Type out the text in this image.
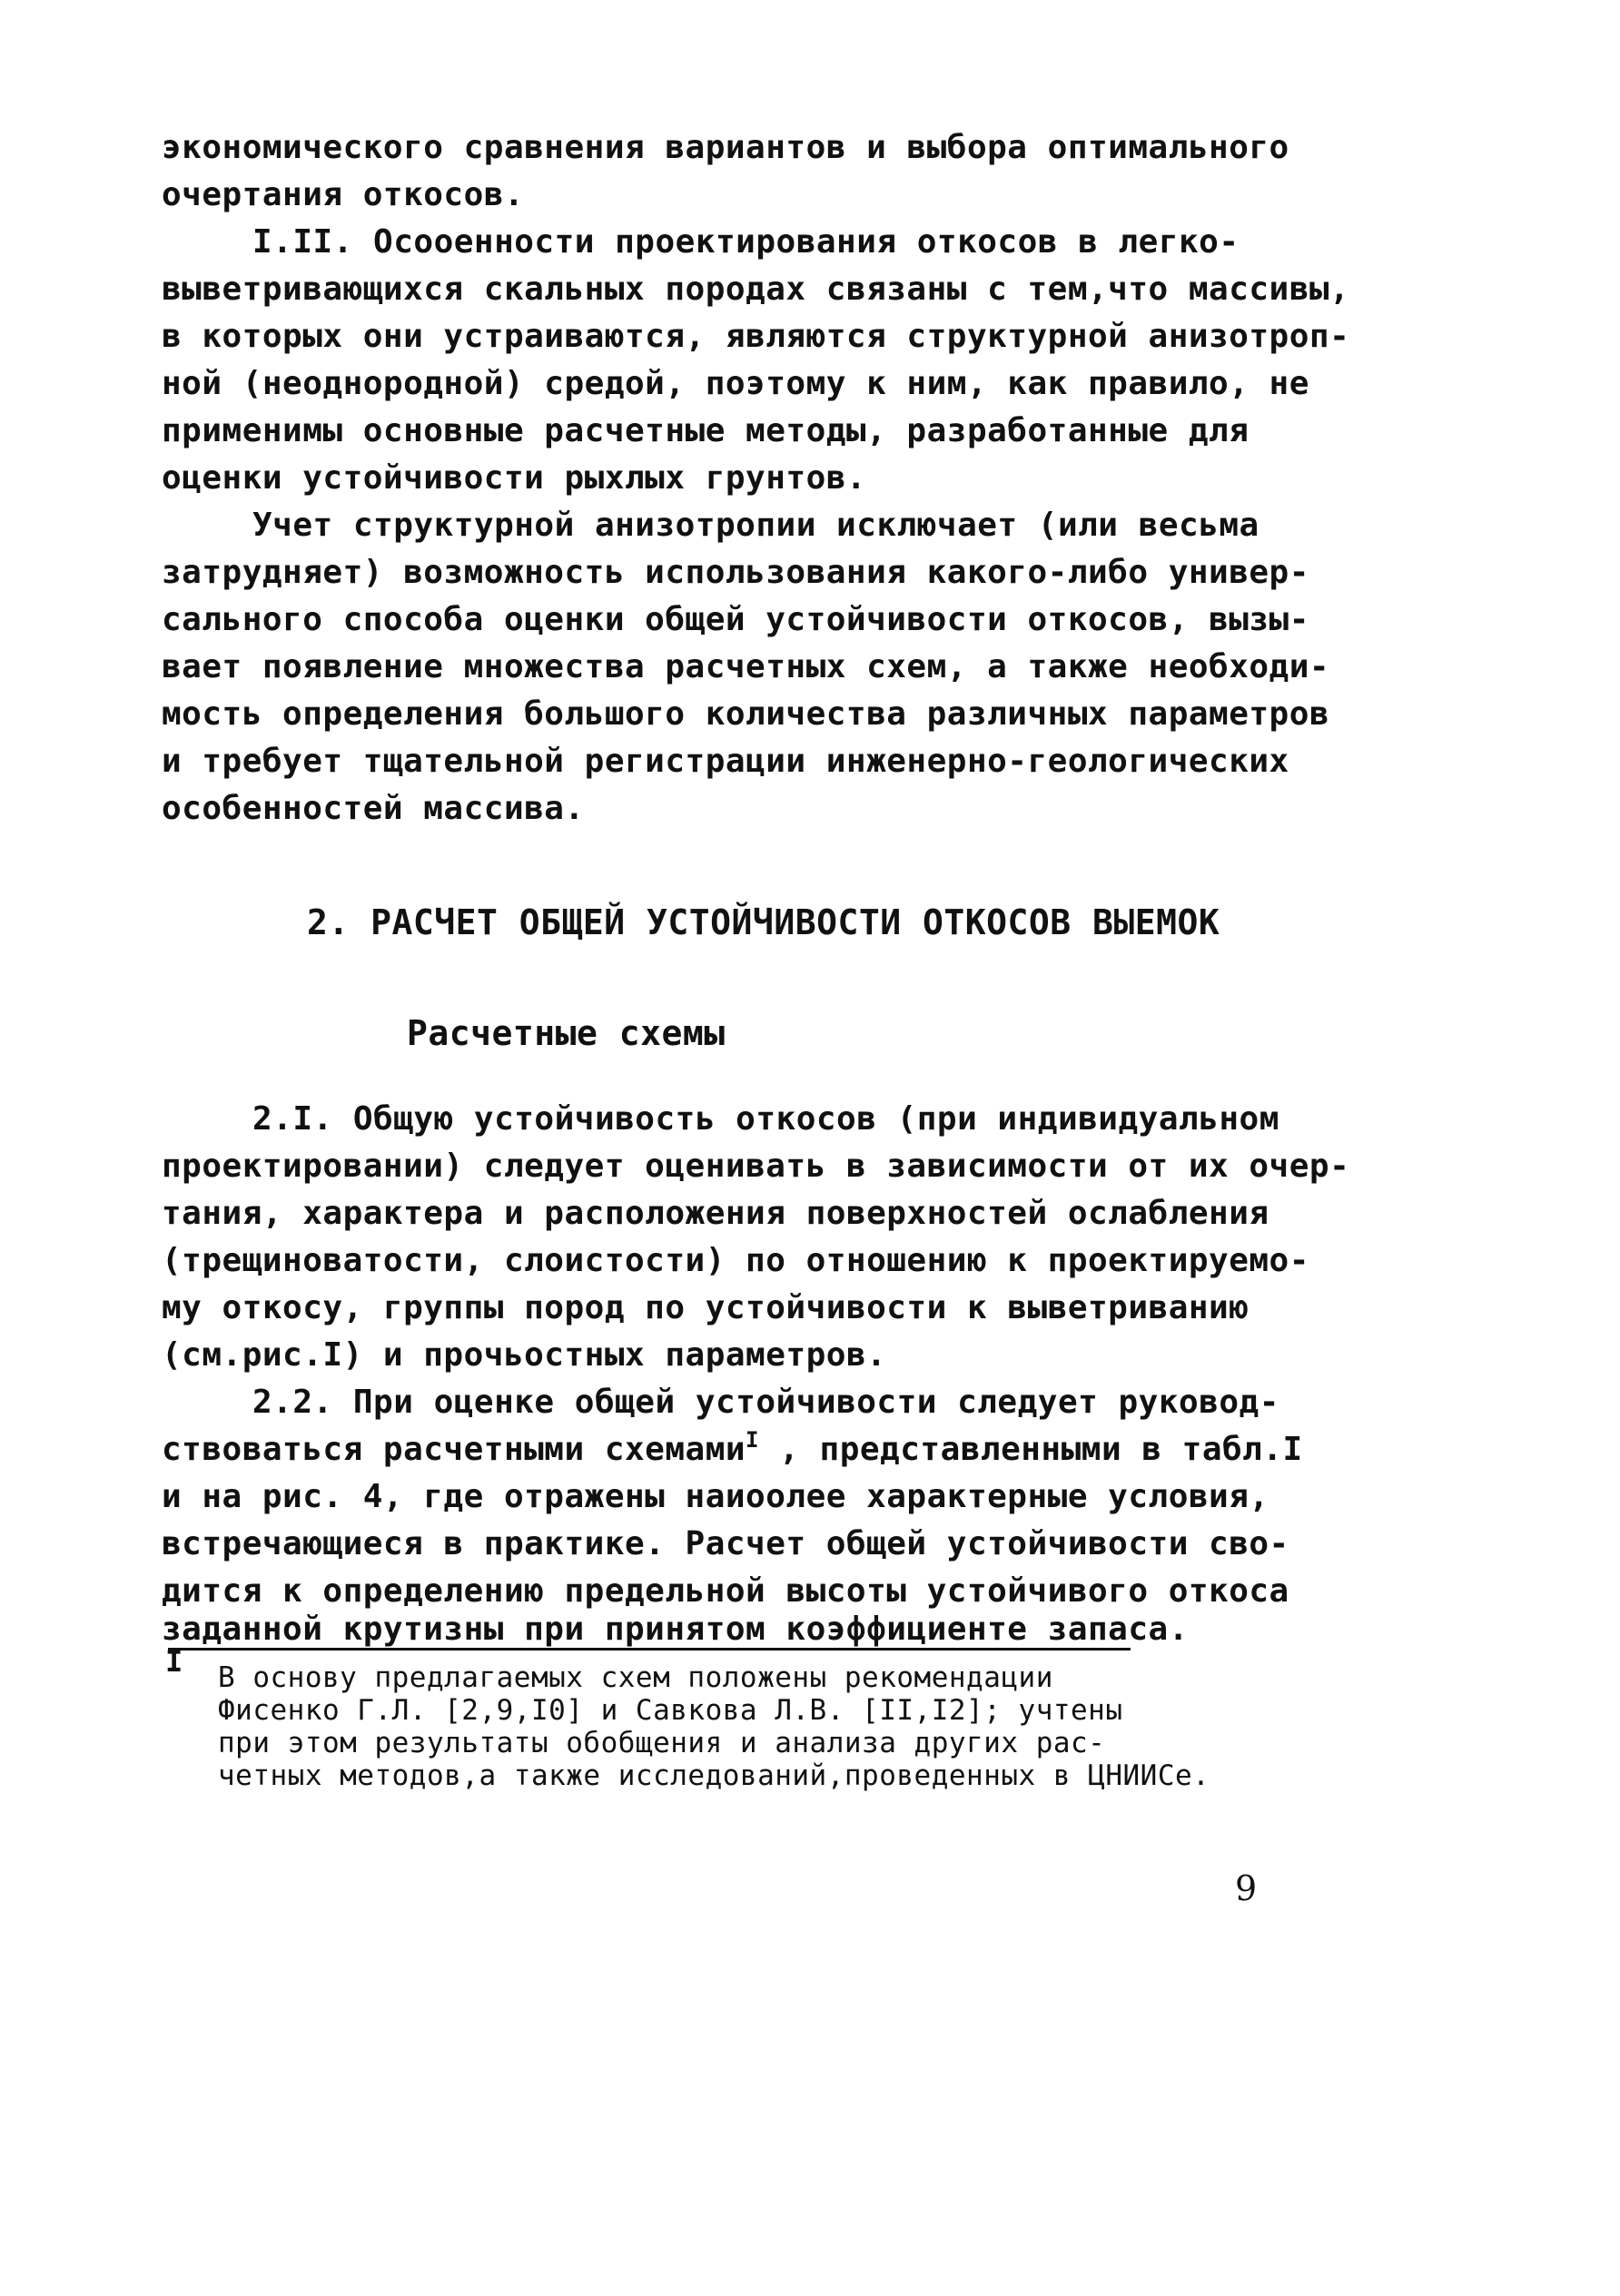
экономического сравнения вариантов и выбора оптимального
очертания откосов.
I.II. Осооенности проектирования откосов в легко-
выветривающихся скальных породах связаны с тем,что массивы,
в которых они устраиваются, являются структурной анизотроп-
ной (неоднородной) средой, поэтому к ним, как правило, не
применимы основные расчетные методы, разработанные для
оценки устойчивости рыхлых грунтов.
Учет структурной анизотропии исключает (или весьма
затрудняет) возможность использования какого-либо универ-
сального способа оценки общей устойчивости откосов, вызы-
вает появление множества расчетных схем, а также необходи-
мость определения большого количества различных параметров
и требует тщательной регистрации инженерно-геологических
особенностей массива.
2. РАСЧЕТ ОБЩЕЙ УСТОЙЧИВОСТИ ОТКОСОВ ВЫЕМОК
Расчетные схемы
2.I. Общую устойчивость откосов (при индивидуальном
проектировании) следует оценивать в зависимости от их очер-
тания, характера и расположения поверхностей ослабления
(трещиноватости, слоистости) по отношению к проектируемо-
му откосу, группы пород по устойчивости к выветриванию
(см.рис.I) и прочьостных параметров.
2.2. При оценке общей устойчивости следует руковод-
ствоваться расчетными схемами$^I$ , представленными в табл.I
и на рис. 4, где отражены наиоолее характерные условия,
встречающиеся в практике. Расчет общей устойчивости сво-
дится к определению предельной высоты устойчивого откоса
заданной крутизны при принятом коэффициенте запаса.
I В основу предлагаемых схем положены рекомендации
Фисенко Г.Л. [2,9,I0] и Савкова Л.В. [II,I2]; учтены
при этом результаты обобщения и анализа других рас-
четных методов,а также исследований,проведенных в ЦНИИСе.
9
